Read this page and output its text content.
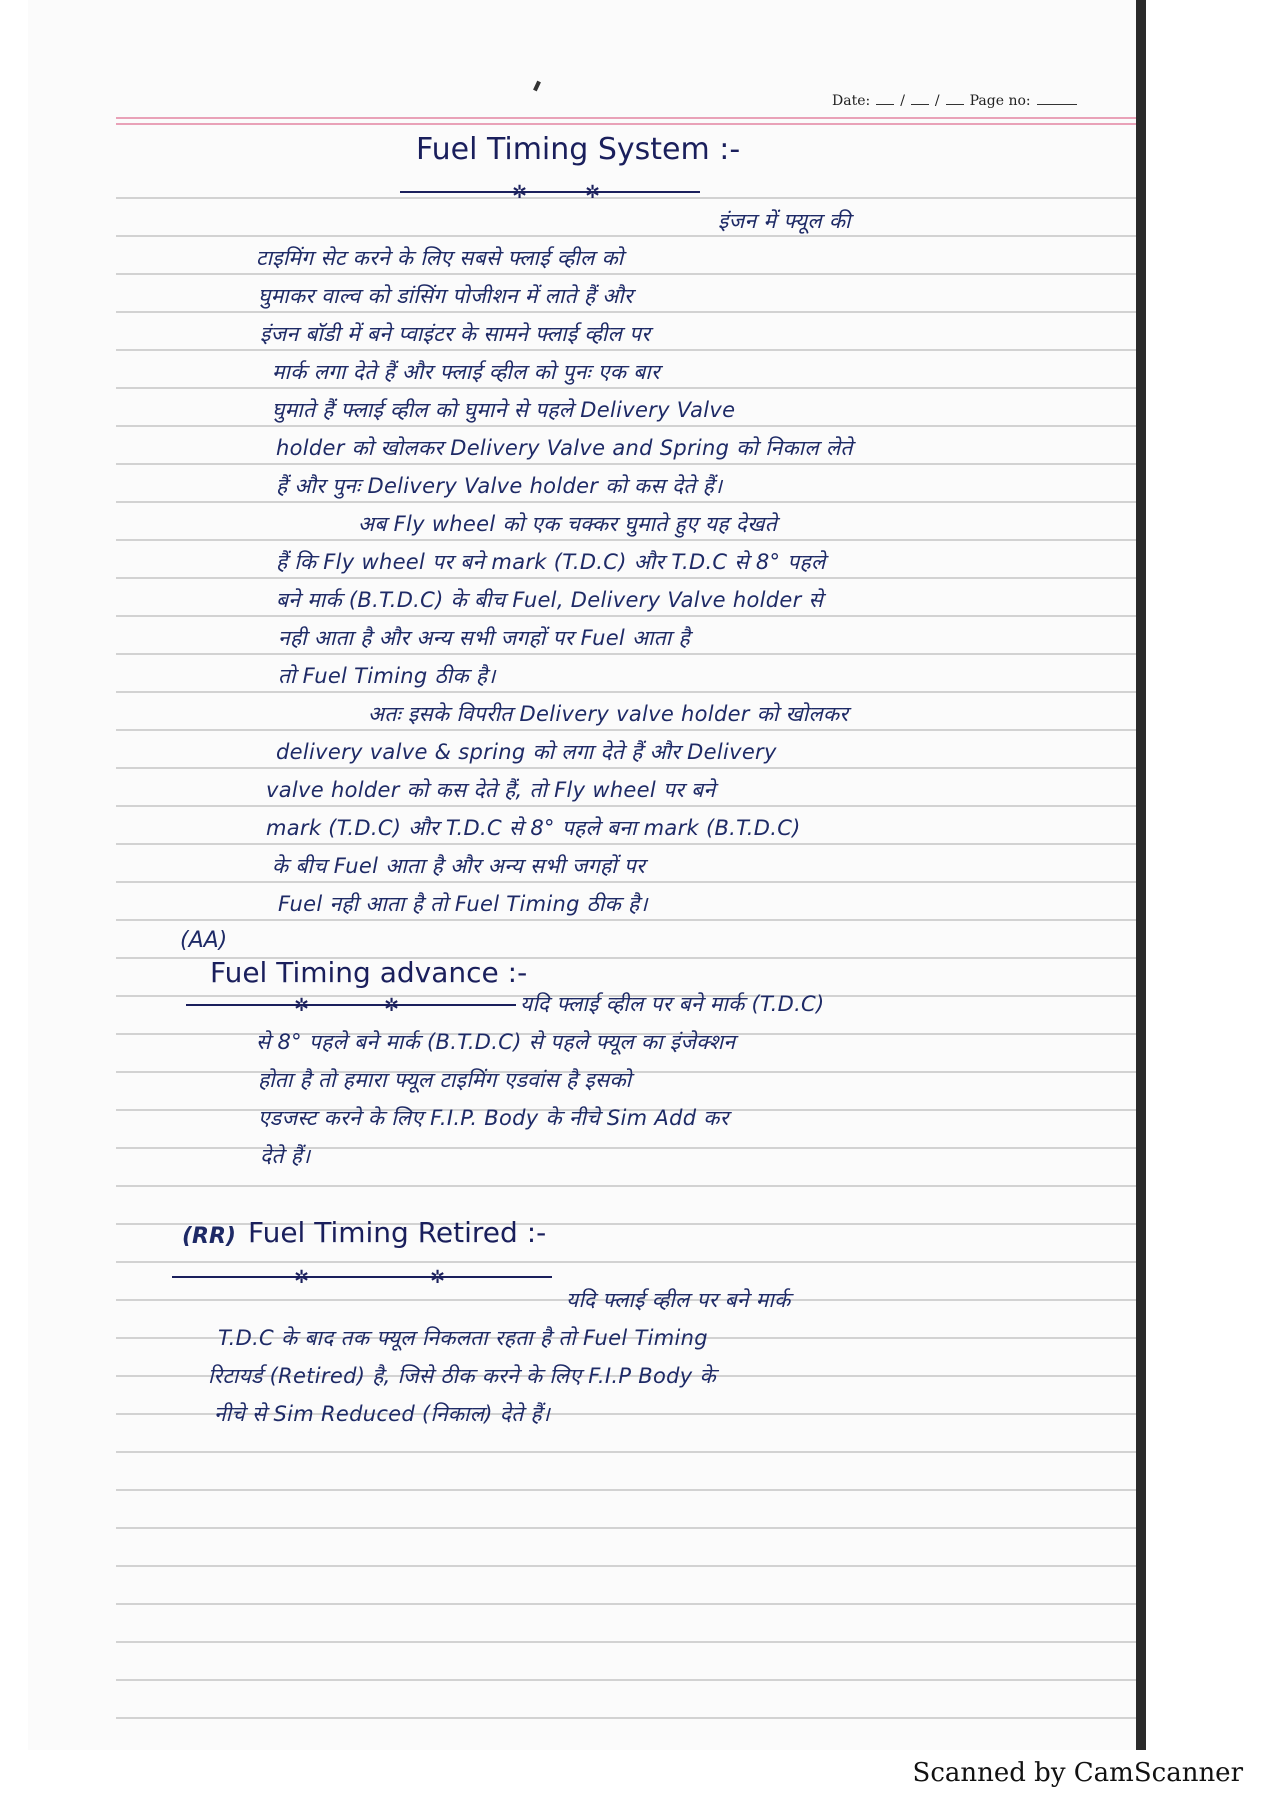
Date: / / Page no:
Fuel Timing System :-
✲	✲
इंजन में फ्यूल की
टाइमिंग सेट करने के लिए सबसे फ्लाई व्हील को
घुमाकर वाल्व को डांसिंग पोजीशन में लाते हैं और
इंजन बॉडी में बने प्वाइंटर के सामने फ्लाई व्हील पर
मार्क लगा देते हैं और फ्लाई व्हील को पुनः एक बार
घुमाते हैं फ्लाई व्हील को घुमाने से पहले Delivery Valve
holder को खोलकर Delivery Valve and Spring को निकाल लेते
हैं और पुनः Delivery Valve holder को कस देते हैं।
अब Fly wheel को एक चक्कर घुमाते हुए यह देखते
हैं कि Fly wheel पर बने mark (T.D.C) और T.D.C से 8° पहले
बने मार्क (B.T.D.C) के बीच Fuel, Delivery Valve holder से
नही आता है और अन्य सभी जगहों पर Fuel आता है
तो Fuel Timing ठीक है।
अतः इसके विपरीत Delivery valve holder को खोलकर
delivery valve & spring को लगा देते हैं और Delivery
valve holder को कस देते हैं, तो Fly wheel पर बने
mark (T.D.C) और T.D.C से 8° पहले बना mark (B.T.D.C)
के बीच Fuel आता है और अन्य सभी जगहों पर
Fuel नही आता है तो Fuel Timing ठीक है।
(AA)
Fuel Timing advance :-
✲	✲	यदि फ्लाई व्हील पर बने मार्क (T.D.C)
से 8° पहले बने मार्क (B.T.D.C) से पहले फ्यूल का इंजेक्शन
होता है तो हमारा फ्यूल टाइमिंग एडवांस है इसको
एडजस्ट करने के लिए F.I.P. Body के नीचे Sim Add कर
देते हैं।
(RR) Fuel Timing Retired :-
✲	✲
यदि फ्लाई व्हील पर बने मार्क
T.D.C के बाद तक फ्यूल निकलता रहता है तो Fuel Timing
रिटायर्ड (Retired) है, जिसे ठीक करने के लिए F.I.P Body के
नीचे से Sim Reduced (निकाल) देते हैं।
Scanned by CamScanner
